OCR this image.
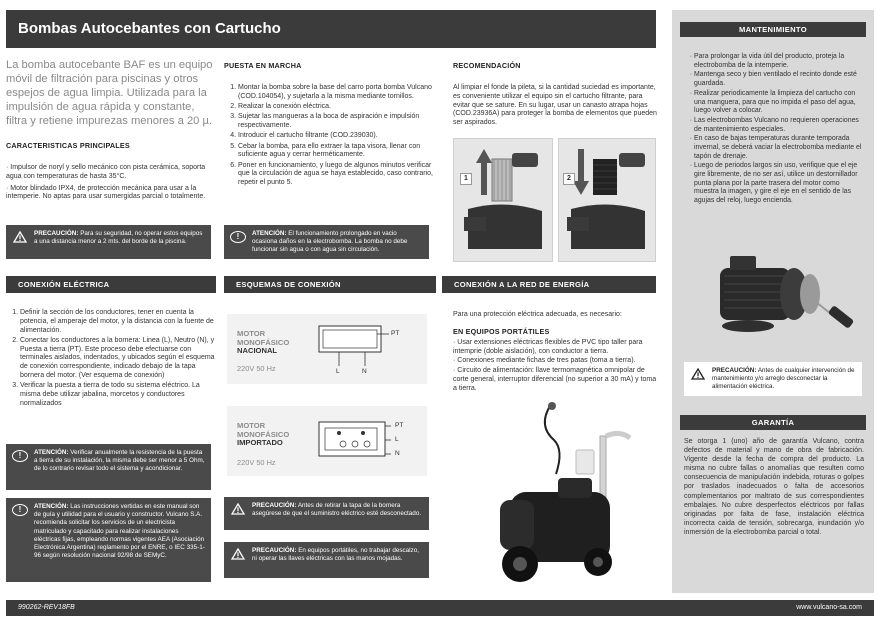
Bombas Autocebantes con Cartucho
La bomba autocebante BAF es un equipo móvil de filtración para piscinas y otros espejos de agua limpia. Utilizada para la impulsión de agua rápida y constante, filtra y retiene impurezas menores a 20 µ.
CARACTERISTICAS PRINCIPALES
· Impulsor de noryl y sello mecánico con pista cerámica, soporta agua con temperaturas de hasta 35°C.
· Motor blindado IPX4, de protección mecánica para usar a la intemperie. No aptas para usar sumergidas parcial o totalmente.
PRECAUCIÓN: Para su seguridad, no operar estos equipos a una distancia menor a 2 mts. del borde de la piscina.
PUESTA EN MARCHA
1. Montar la bomba sobre la base del carro porta bomba Vulcano (COD.104054), y sujetarla a la misma mediante tornillos.
2. Realizar la conexión eléctrica.
3. Sujetar las mangueras a la boca de aspiración e impulsión respectivamente.
4. Introducir el cartucho filtrante (COD.239030).
5. Cebar la bomba, para ello extraer la tapa visora, llenar con suficiente agua y cerrar herméticamente.
6. Poner en funcionamiento, y luego de algunos minutos verificar que la circulación de agua se haya establecido, caso contrario, repetir el punto 5.
!	ATENCIÓN: El funcionamiento prolongado en vacio ocasiona daños en la electrobomba. La bomba no debe funcionar sin agua o con agua sin circulación.
RECOMENDACIÓN
Al limpiar el fonde la pileta, si la cantidad suciedad es importante, es conveniente utilizar el equipo sin el cartucho filtrante, para evitar que se sature. En su lugar, usar un canasto atrapa hojas (COD.23936A) para proteger la bomba de elementos que pueden ser aspirados.
1	2
CONEXIÓN ELÉCTRICA	ESQUEMAS DE CONEXIÓN	CONEXIÓN A LA RED DE ENERGÍA
1. Definir la sección de los conductores, tener en cuenta la potencia, el amperaje del motor, y la distancia con la fuente de alimentación.
2. Conectar los conductores a la bornera: Linea (L), Neutro (N), y Puesta a tierra (PT). Este proceso debe efectuarse con terminales aislados, indentados, y ubicados según el esquema de conexión correspondiente, indicado debajo de la tapa bornera del motor. (Ver esquema de conexión)
3. Verificar la puesta a tierra de todo su sistema eléctrico. La misma debe utilizar jabalina, morcetos y conductores normalizados
!	ATENCIÓN: Verificar anualmente la resistencia de la puesta a tierra de su instalación, la misma debe ser menor a 5 Ohm, de lo contrario revisar todo el sistema y acondicionar.
!	ATENCIÓN: Las instrucciones vertidas en este manual son de guía y utilidad para el usuario y constructor. Vulcano S.A. recomienda solicitar los servicios de un electricista matriculado y capacitado para realizar instalaciones eléctricas fijas, empleando normas vigentes AEA (Asociación Electrónica Argentina) reglamento por el ENRE, o IEC 335-1-96 según resolución nacional 92/98 de SEMyC.
MOTOR
MONOFÁSICO
NACIONAL
220V 50 Hz
PT
L	N
MOTOR
MONOFÁSICO
IMPORTADO
220V 50 Hz
PT
L
N
PRECAUCIÓN: Antes de retirar la tapa de la bornera asegúrese de que el suministro eléctrico esté desconectado.
PRECAUCIÓN: En equipos portátiles, no trabajar descalzo, ni operar las llaves eléctricas con las manos mojadas.
Para una protección eléctrica adecuada, es necesario:
EN EQUIPOS PORTÁTILES
· Usar extensiones eléctricas flexibles de PVC tipo taller para intemprie (doble aislación), con conductor a tierra.
· Conexiones mediante fichas de tres patas (toma a tierra).
· Circuito de alimentación: llave termomagnética omnipolar de corte general, interruptor diferencial (no superior a 30 mA) y toma a tierra.
MANTENIMIENTO
· Para prolongar la vida útil del producto, proteja la electrobomba de la intemperie.
· Mantenga seco y bien ventilado el recinto donde esté guardada.
· Realizar periodicamente la limpieza del cartucho con una manguera, para que no impida el paso del agua, luego volver a colocar.
· Las electrobombas Vulcano no requieren operaciones de mantenimiento especiales.
· En caso de bajas temperaturas durante temporada invernal, se deberá vaciar la electrobomba mediante el tapón de drenaje.
· Luego de periodos largos sin uso, verifique que el eje gire libremente, de no ser así, utilice un destornillador punta plana por la parte trasera del motor como muestra la imagen, y gire el eje en el sentido de las agujas del reloj, luego encienda.
PRECAUCIÓN: Antes de cualquier intervención de mantenimiento y/o arreglo desconectar la alimentación eléctrica.
GARANTÍA
Se otorga 1 (uno) año de garantía Vulcano, contra defectos de material y mano de obra de fabricación. Vigente desde la fecha de compra del producto. La misma no cubre fallas o anomalías que resulten como consecuencia de manipulación indebida, roturas o golpes por traslados inadecuados o falta de accesorios complementarios por maltrato de sus correspondientes embalajes. No cubre desperfectos eléctricos por fallas originadas por falta de fase, instalación eléctrica incorrecta caida de tensión, sobrecarga, inundación y/o inmersión de la electrobomba parcial o total.
990262-REV18FB	www.vulcano-sa.com
